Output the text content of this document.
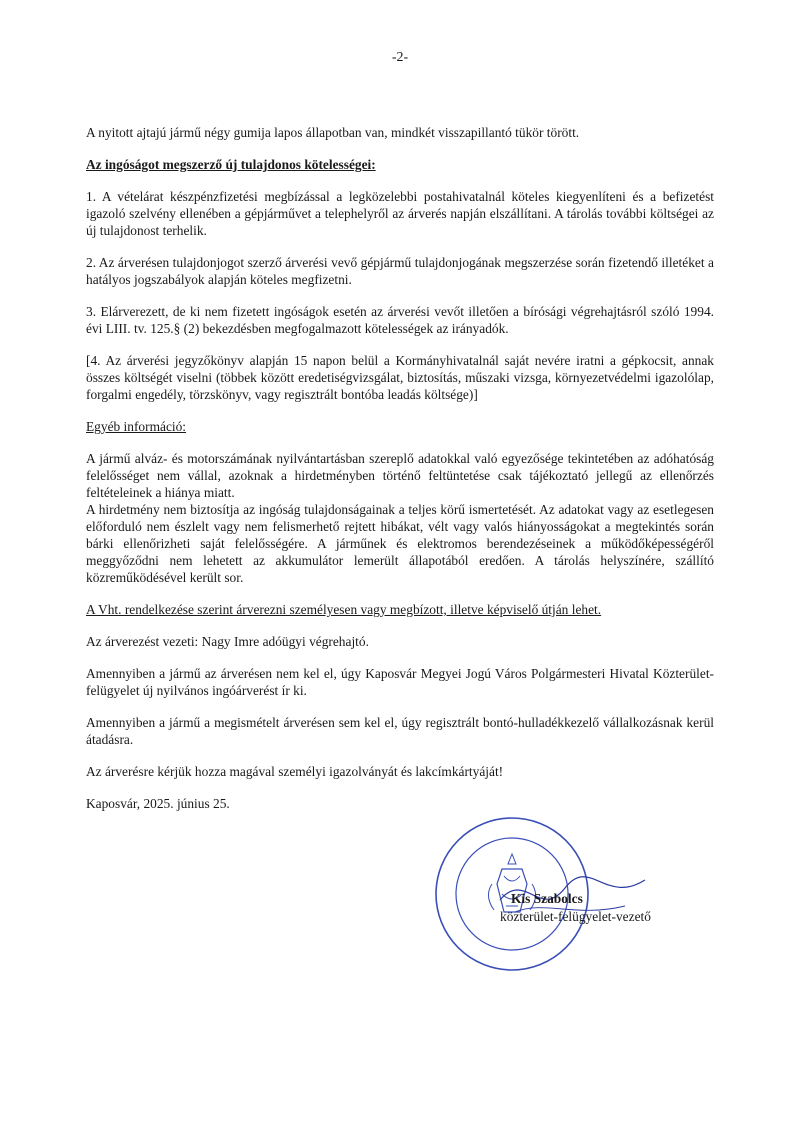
-2-

A nyitott ajtajú jármű négy gumija lapos állapotban van, mindkét visszapillantó tükör törött.

Az ingóságot megszerző új tulajdonos kötelességei:

1. A vételárat készpénzfizetési megbízással a legközelebbi postahivatalnál köteles kiegyenlíteni és a befizetést igazoló szelvény ellenében a gépjárművet a telephelyről az árverés napján elszállítani. A tárolás további költségei az új tulajdonost terhelik.

2. Az árverésen tulajdonjogot szerző árverési vevő gépjármű tulajdonjogának megszerzése során fizetendő illetéket a hatályos jogszabályok alapján köteles megfizetni.

3. Elárverezett, de ki nem fizetett ingóságok esetén az árverési vevőt illetően a bírósági végrehajtásról szóló 1994. évi LIII. tv. 125.§ (2) bekezdésben megfogalmazott kötelességek az irányadók.

[4. Az árverési jegyzőkönyv alapján 15 napon belül a Kormányhivatalnál saját nevére iratni a gépkocsit, annak összes költségét viselni (többek között eredetiségvizsgálat, biztosítás, műszaki vizsga, környezetvédelmi igazolólap, forgalmi engedély, törzskönyv, vagy regisztrált bontóba leadás költsége)]

Egyéb információ:

A jármű alváz- és motorszámának nyilvántartásban szereplő adatokkal való egyezősége tekintetében az adóhatóság felelősséget nem vállal, azoknak a hirdetményben történő feltüntetése csak tájékoztató jellegű az ellenőrzés feltételeinek a hiánya miatt.

A hirdetmény nem biztosítja az ingóság tulajdonságainak a teljes körű ismertetését. Az adatokat vagy az esetlegesen előforduló nem észlelt vagy nem felismerhető rejtett hibákat, vélt vagy valós hiányosságokat a megtekintés során bárki ellenőrizheti saját felelősségére. A járműnek és elektromos berendezéseinek a működőképességéről meggyőződni nem lehetett az akkumulátor lemerült állapotából eredően. A tárolás helyszínére, szállító közreműködésével került sor.

A Vht. rendelkezése szerint árverezni személyesen vagy megbízott, illetve képviselő útján lehet.

Az árverezést vezeti: Nagy Imre adóügyi végrehajtó.

Amennyiben a jármű az árverésen nem kel el, úgy Kaposvár Megyei Jogú Város Polgármesteri Hivatal Közterület-felügyelet új nyilvános ingóárverést ír ki.

Amennyiben a jármű a megismételt árverésen sem kel el, úgy regisztrált bontó-hulladékkezelő vállalkozásnak kerül átadásra.

Az árverésre kérjük hozza magával személyi igazolványát és lakcímkártyáját!

Kaposvár, 2025. június 25.

Kis Szabolcs
közterület-felügyelet-vezető
